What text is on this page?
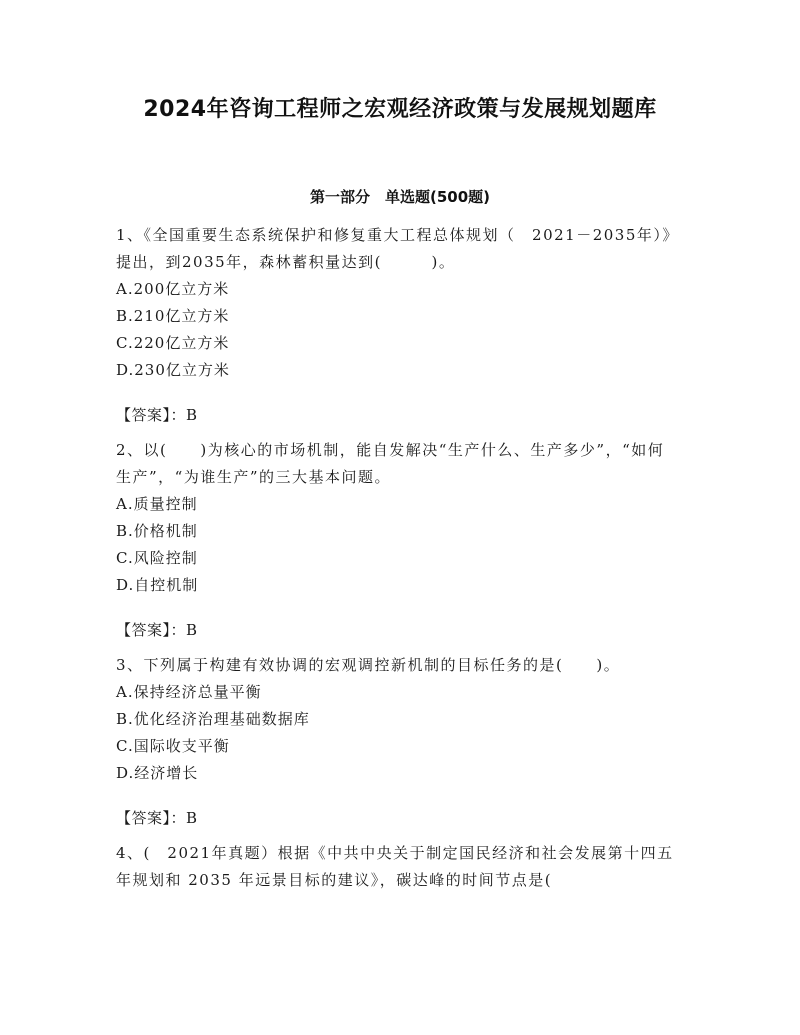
2024年咨询工程师之宏观经济政策与发展规划题库
第一部分　单选题(500题)

1、《全国重要生态系统保护和修复重大工程总体规划（　2021－2035年）》提出，到2035年，森林蓄积量达到(　　　)。

A.200亿立方米

B.210亿立方米

C.220亿立方米

D.230亿立方米

【答案】：B

2、以(　　)为核心的市场机制，能自发解决“生产什么、生产多少”，“如何生产”，“为谁生产”的三大基本问题。

A.质量控制

B.价格机制

C.风险控制

D.自控机制

【答案】：B

3、下列属于构建有效协调的宏观调控新机制的目标任务的是(　　)。

A.保持经济总量平衡

B.优化经济治理基础数据库

C.国际收支平衡

D.经济增长

【答案】：B

4、(　2021年真题）根据《中共中央关于制定国民经济和社会发展第十四五年规划和 2035 年远景目标的建议》，碳达峰的时间节点是(
